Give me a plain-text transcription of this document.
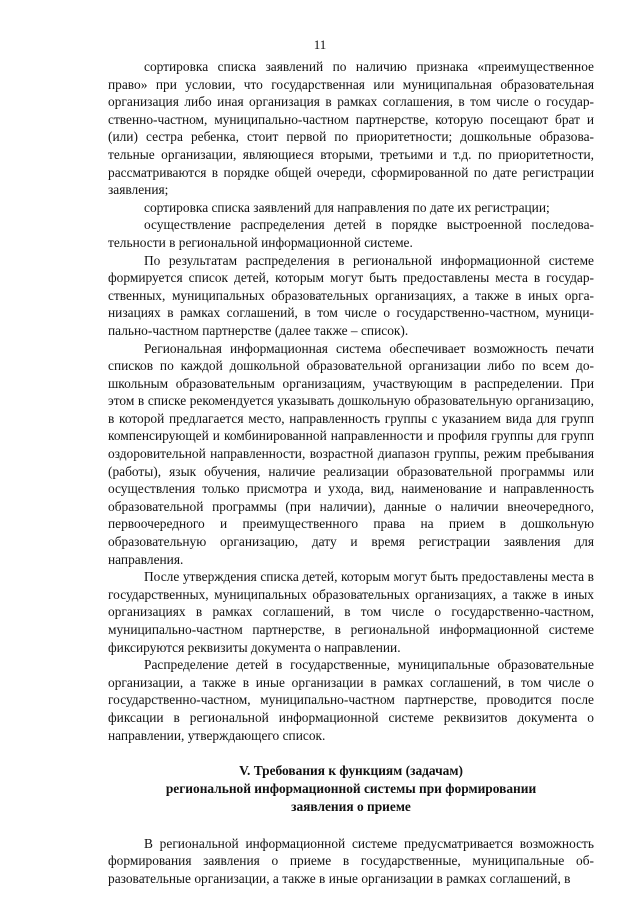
11

сортировка списка заявлений по наличию признака «преимущественное право» при условии, что государственная или муниципальная образовательная организация либо иная организация в рамках соглашения, в том числе о государственно-частном, муниципально-частном партнерстве, которую посещают брат и (или) сестра ребенка, стоит первой по приоритетности; дошкольные образовательные организации, являющиеся вторыми, третьими и т.д. по приоритетности, рассматриваются в порядке общей очереди, сформированной по дате регистрации заявления;

сортировка списка заявлений для направления по дате их регистрации;

осуществление распределения детей в порядке выстроенной последовательности в региональной информационной системе.

По результатам распределения в региональной информационной системе формируется список детей, которым могут быть предоставлены места в государственных, муниципальных образовательных организациях, а также в иных организациях в рамках соглашений, в том числе о государственно-частном, муниципально-частном партнерстве (далее также – список).

Региональная информационная система обеспечивает возможность печати списков по каждой дошкольной образовательной организации либо по всем дошкольным образовательным организациям, участвующим в распределении. При этом в списке рекомендуется указывать дошкольную образовательную организацию, в которой предлагается место, направленность группы с указанием вида для групп компенсирующей и комбинированной направленности и профиля группы для групп оздоровительной направленности, возрастной диапазон группы, режим пребывания (работы), язык обучения, наличие реализации образовательной программы или осуществления только присмотра и ухода, вид, наименование и направленность образовательной программы (при наличии), данные о наличии внеочередного, первоочередного и преимущественного права на прием в дошкольную образовательную организацию, дату и время регистрации заявления для направления.

После утверждения списка детей, которым могут быть предоставлены места в государственных, муниципальных образовательных организациях, а также в иных организациях в рамках соглашений, в том числе о государственно-частном, муниципально-частном партнерстве, в региональной информационной системе фиксируются реквизиты документа о направлении.

Распределение детей в государственные, муниципальные образовательные организации, а также в иные организации в рамках соглашений, в том числе о государственно-частном, муниципально-частном партнерстве, проводится после фиксации в региональной информационной системе реквизитов документа о направлении, утверждающего список.

V. Требования к функциям (задачам)
региональной информационной системы при формировании
заявления о приеме

В региональной информационной системе предусматривается возможность формирования заявления о приеме в государственные, муниципальные образовательные организации, а также в иные организации в рамках соглашений, в
